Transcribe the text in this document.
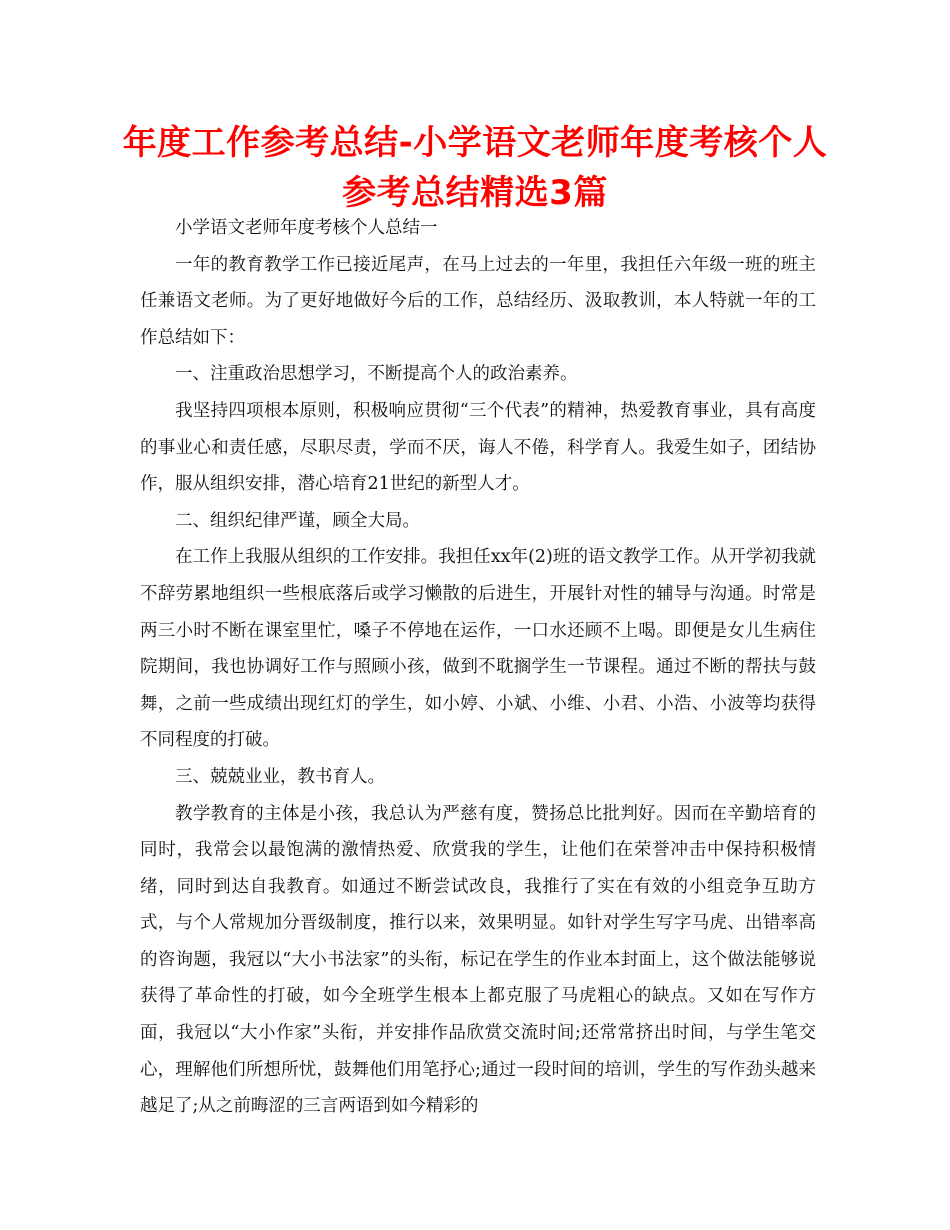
年度工作参考总结-小学语文老师年度考核个人参考总结精选3篇

小学语文老师年度考核个人总结一

一年的教育教学工作已接近尾声，在马上过去的一年里，我担任六年级一班的班主任兼语文老师。为了更好地做好今后的工作，总结经历、汲取教训，本人特就一年的工作总结如下：

一、注重政治思想学习，不断提高个人的政治素养。

我坚持四项根本原则，积极响应贯彻“三个代表”的精神，热爱教育事业，具有高度的事业心和责任感，尽职尽责，学而不厌，诲人不倦，科学育人。我爱生如子，团结协作，服从组织安排，潜心培育21世纪的新型人才。

二、组织纪律严谨，顾全大局。

在工作上我服从组织的工作安排。我担任xx年(2)班的语文教学工作。从开学初我就不辞劳累地组织一些根底落后或学习懒散的后进生，开展针对性的辅导与沟通。时常是两三小时不断在课室里忙，嗓子不停地在运作，一口水还顾不上喝。即便是女儿生病住院期间，我也协调好工作与照顾小孩，做到不耽搁学生一节课程。通过不断的帮扶与鼓舞，之前一些成绩出现红灯的学生，如小婷、小斌、小维、小君、小浩、小波等均获得不同程度的打破。

三、兢兢业业，教书育人。

教学教育的主体是小孩，我总认为严慈有度，赞扬总比批判好。因而在辛勤培育的同时，我常会以最饱满的激情热爱、欣赏我的学生，让他们在荣誉冲击中保持积极情绪，同时到达自我教育。如通过不断尝试改良，我推行了实在有效的小组竞争互助方式，与个人常规加分晋级制度，推行以来，效果明显。如针对学生写字马虎、出错率高的咨询题，我冠以“大小书法家”的头衔，标记在学生的作业本封面上，这个做法能够说获得了革命性的打破，如今全班学生根本上都克服了马虎粗心的缺点。又如在写作方面，我冠以“大小作家”头衔，并安排作品欣赏交流时间;还常常挤出时间，与学生笔交心，理解他们所想所忧，鼓舞他们用笔抒心;通过一段时间的培训，学生的写作劲头越来越足了;从之前晦涩的三言两语到如今精彩的
